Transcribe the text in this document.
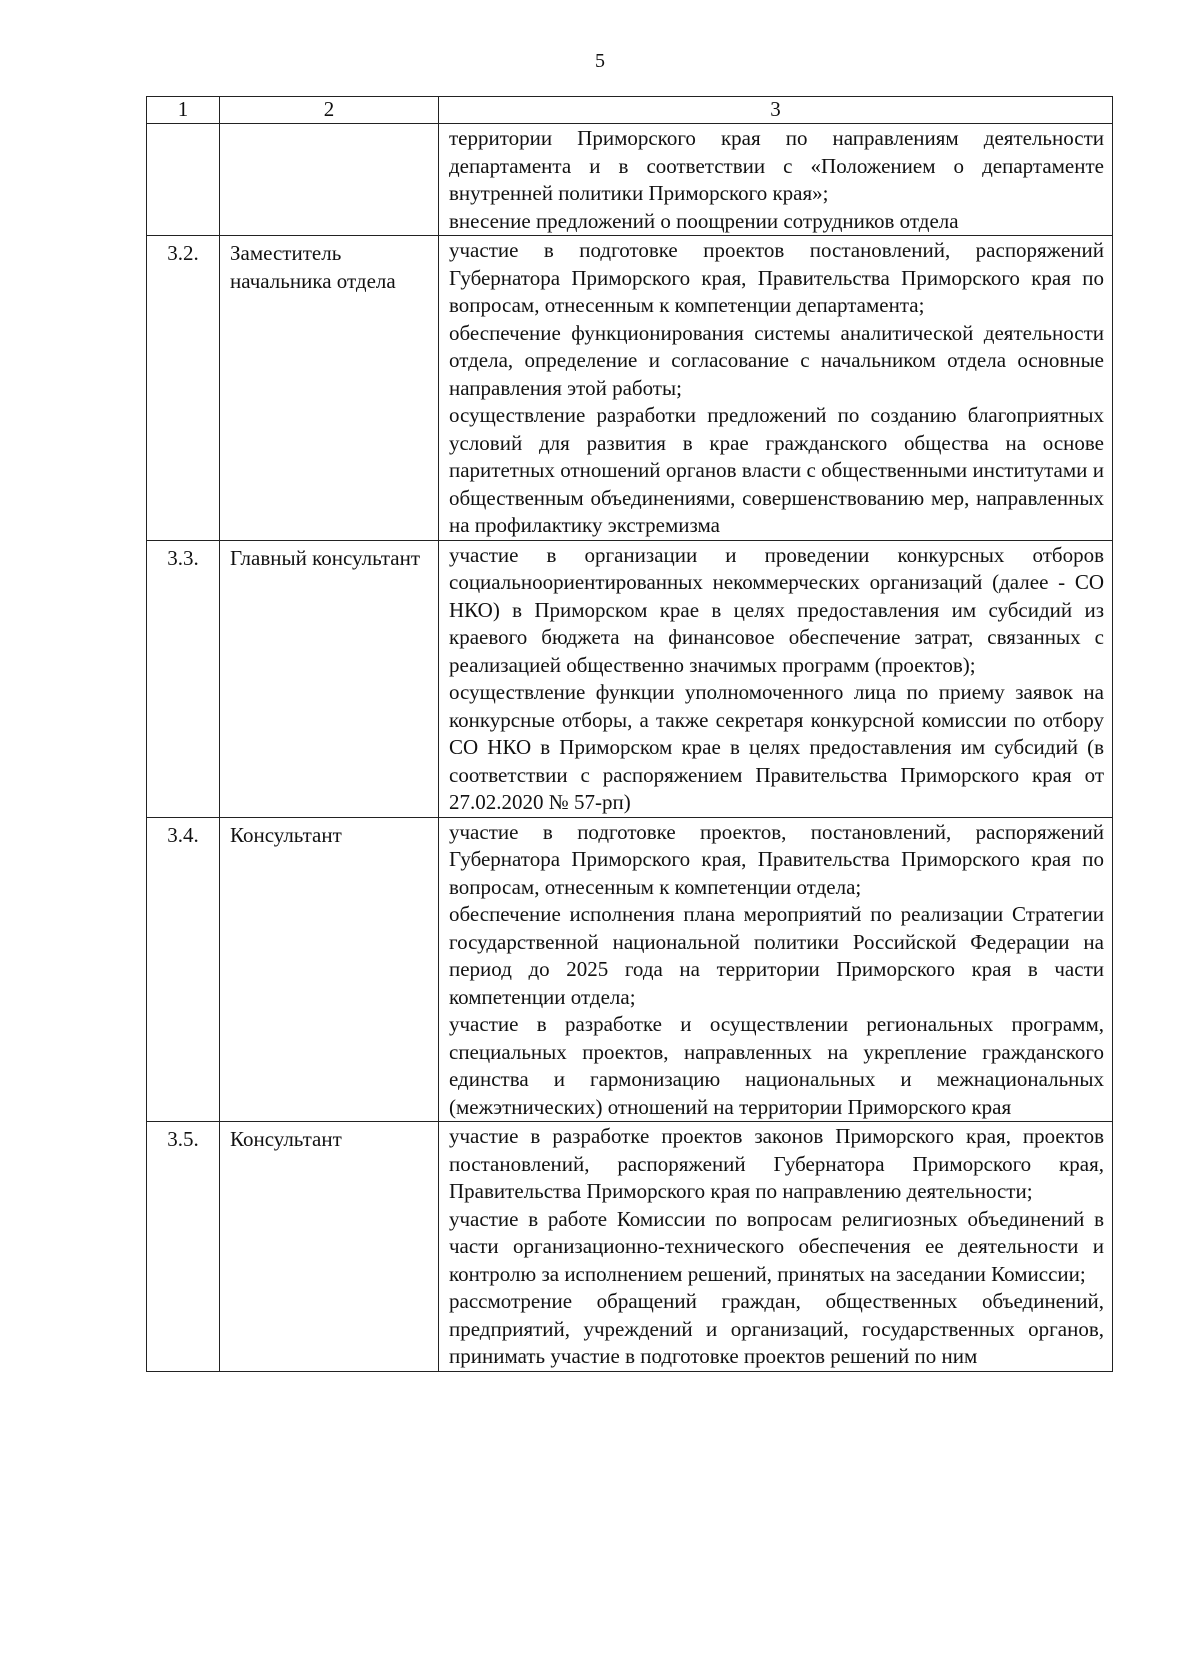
5
1	2	3

		территории Приморского края по направлениям деятельности департамента и в соответствии с «Положением о департаменте внутренней политики Приморского края»;
внесение предложений о поощрении сотрудников отдела

3.2.	Заместитель начальника отдела	участие в подготовке проектов постановлений, распоряжений Губернатора Приморского края, Правительства Приморского края по вопросам, отнесенным к компетенции департамента;
обеспечение функционирования системы аналитической деятельности отдела, определение и согласование с начальником отдела основные направления этой работы;
осуществление разработки предложений по созданию благоприятных условий для развития в крае гражданского общества на основе паритетных отношений органов власти с общественными институтами и общественным объединениями, совершенствованию мер, направленных на профилактику экстремизма

3.3.	Главный консультант	участие в организации и проведении конкурсных отборов социальноориентированных некоммерческих организаций (далее - СО НКО) в Приморском крае в целях предоставления им субсидий из краевого бюджета на финансовое обеспечение затрат, связанных с реализацией общественно значимых программ (проектов);
осуществление функции уполномоченного лица по приему заявок на конкурсные отборы, а также секретаря конкурсной комиссии по отбору СО НКО в Приморском крае в целях предоставления им субсидий (в соответствии с распоряжением Правительства Приморского края от 27.02.2020 № 57-рп)

3.4.	Консультант	участие в подготовке проектов, постановлений, распоряжений Губернатора Приморского края, Правительства Приморского края по вопросам, отнесенным к компетенции отдела;
обеспечение исполнения плана мероприятий по реализации Стратегии государственной национальной политики Российской Федерации на период до 2025 года на территории Приморского края в части компетенции отдела;
участие в разработке и осуществлении региональных программ, специальных проектов, направленных на укрепление гражданского единства и гармонизацию национальных и межнациональных (межэтнических) отношений на территории Приморского края

3.5.	Консультант	участие в разработке проектов законов Приморского края, проектов постановлений, распоряжений Губернатора Приморского края, Правительства Приморского края по направлению деятельности;
участие в работе Комиссии по вопросам религиозных объединений в части организационно-технического обеспечения ее деятельности и контролю за исполнением решений, принятых на заседании Комиссии;
рассмотрение обращений граждан, общественных объединений, предприятий, учреждений и организаций, государственных органов, принимать участие в подготовке проектов решений по ним
